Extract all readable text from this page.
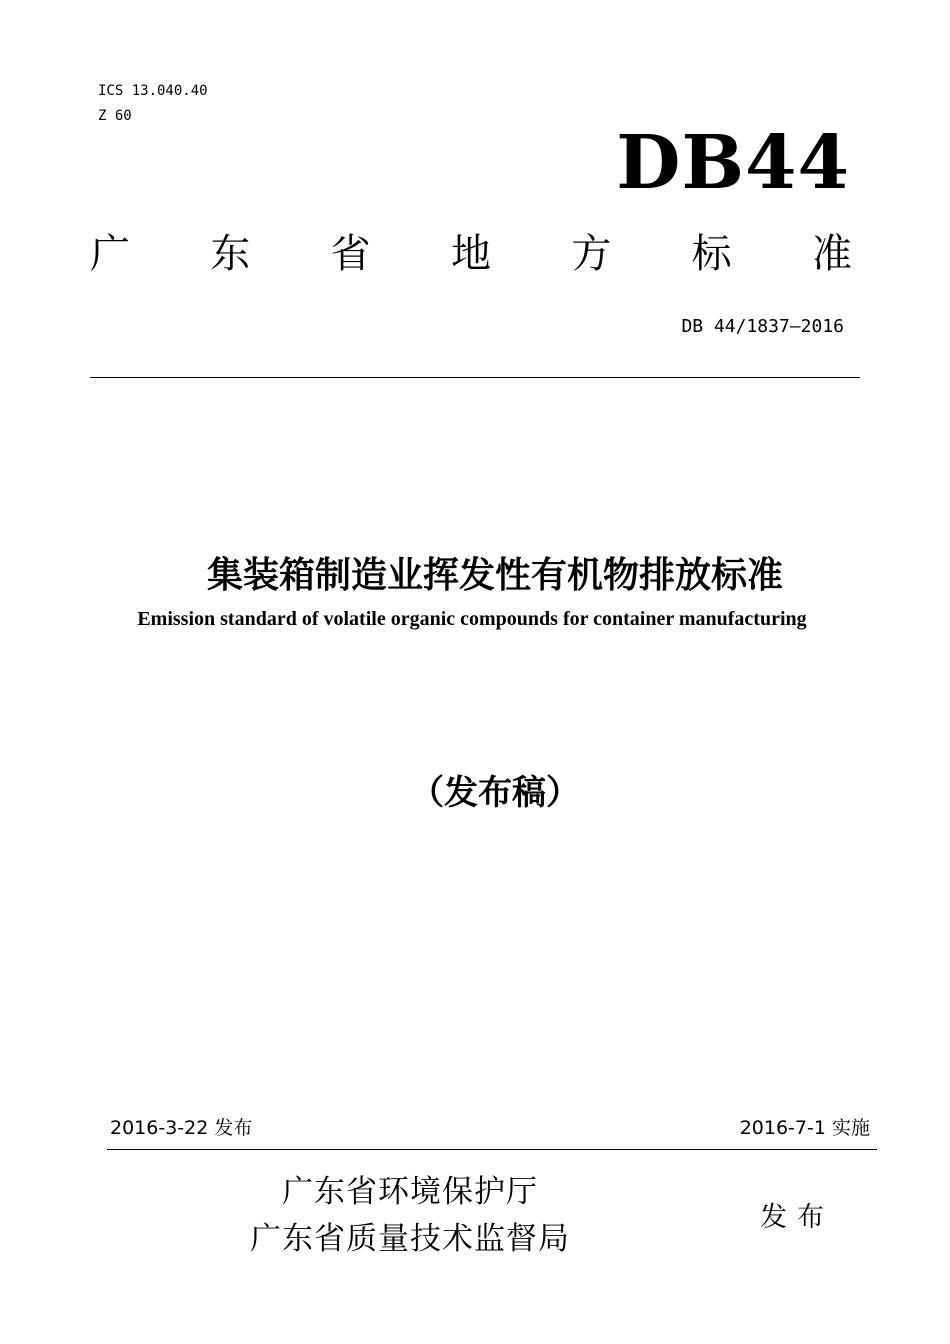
ICS 13.040.40
Z 60
DB44
广 东 省 地 方 标 准
DB 44/1837—2016
集装箱制造业挥发性有机物排放标准
Emission standard of volatile organic compounds for container manufacturing
（发布稿）
2016-3-22 发布	2016-7-1 实施
广东省环境保护厅
广东省质量技术监督局
发布
